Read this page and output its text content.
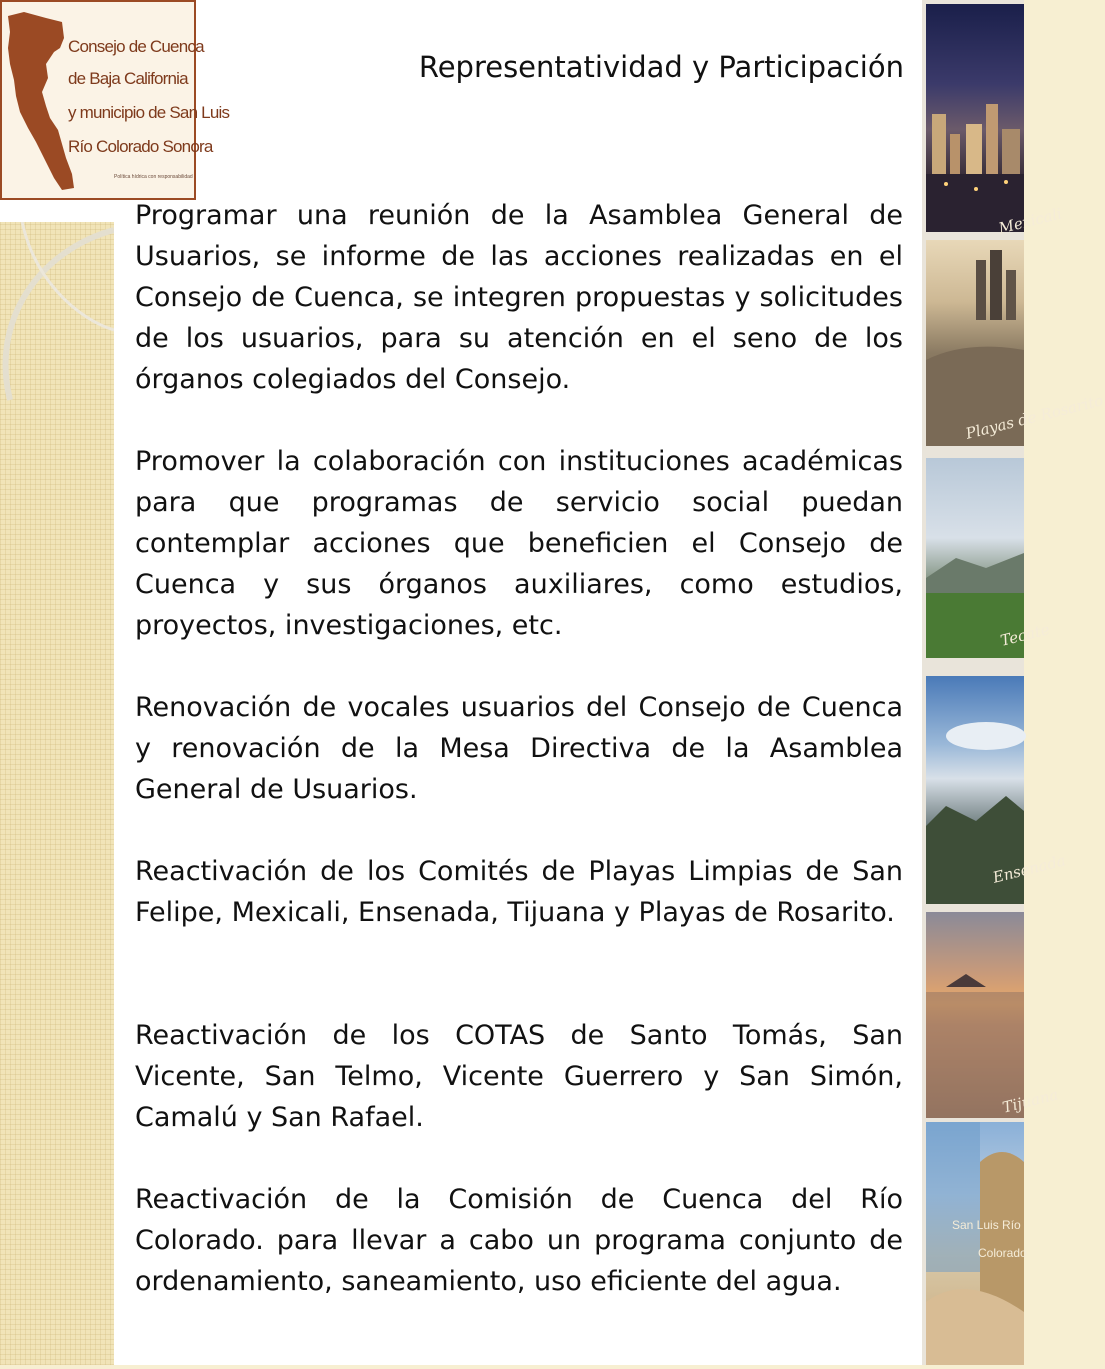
Consejo de Cuenca
de Baja California
y municipio de San Luis
Río Colorado Sonora
Política hídrica con responsabilidad
Representatividad y Participación

Programar una reunión de la Asamblea General de Usuarios, se informe de las acciones realizadas en el Consejo de Cuenca, se integren propuestas y solicitudes de los usuarios, para su atención en el seno de los órganos colegiados del Consejo.

Promover la colaboración con instituciones académicas para que programas de servicio social puedan contemplar acciones que beneficien el Consejo de Cuenca y sus órganos auxiliares, como estudios, proyectos, investigaciones, etc.

Renovación de vocales usuarios del Consejo de Cuenca y renovación de la Mesa Directiva de la Asamblea General de Usuarios.

Reactivación de los Comités de Playas Limpias de San Felipe, Mexicali, Ensenada, Tijuana y Playas de Rosarito.

Reactivación de los COTAS de Santo Tomás, San Vicente, San Telmo, Vicente Guerrero y San Simón, Camalú y San Rafael.

Reactivación de la Comisión de Cuenca del Río Colorado. para llevar a cabo un programa conjunto de ordenamiento, saneamiento, uso eficiente del agua.

Mexicali
Playas de Rosarito
Tecate
Ensenada
Tijuana
San Luis Río
Colorado
